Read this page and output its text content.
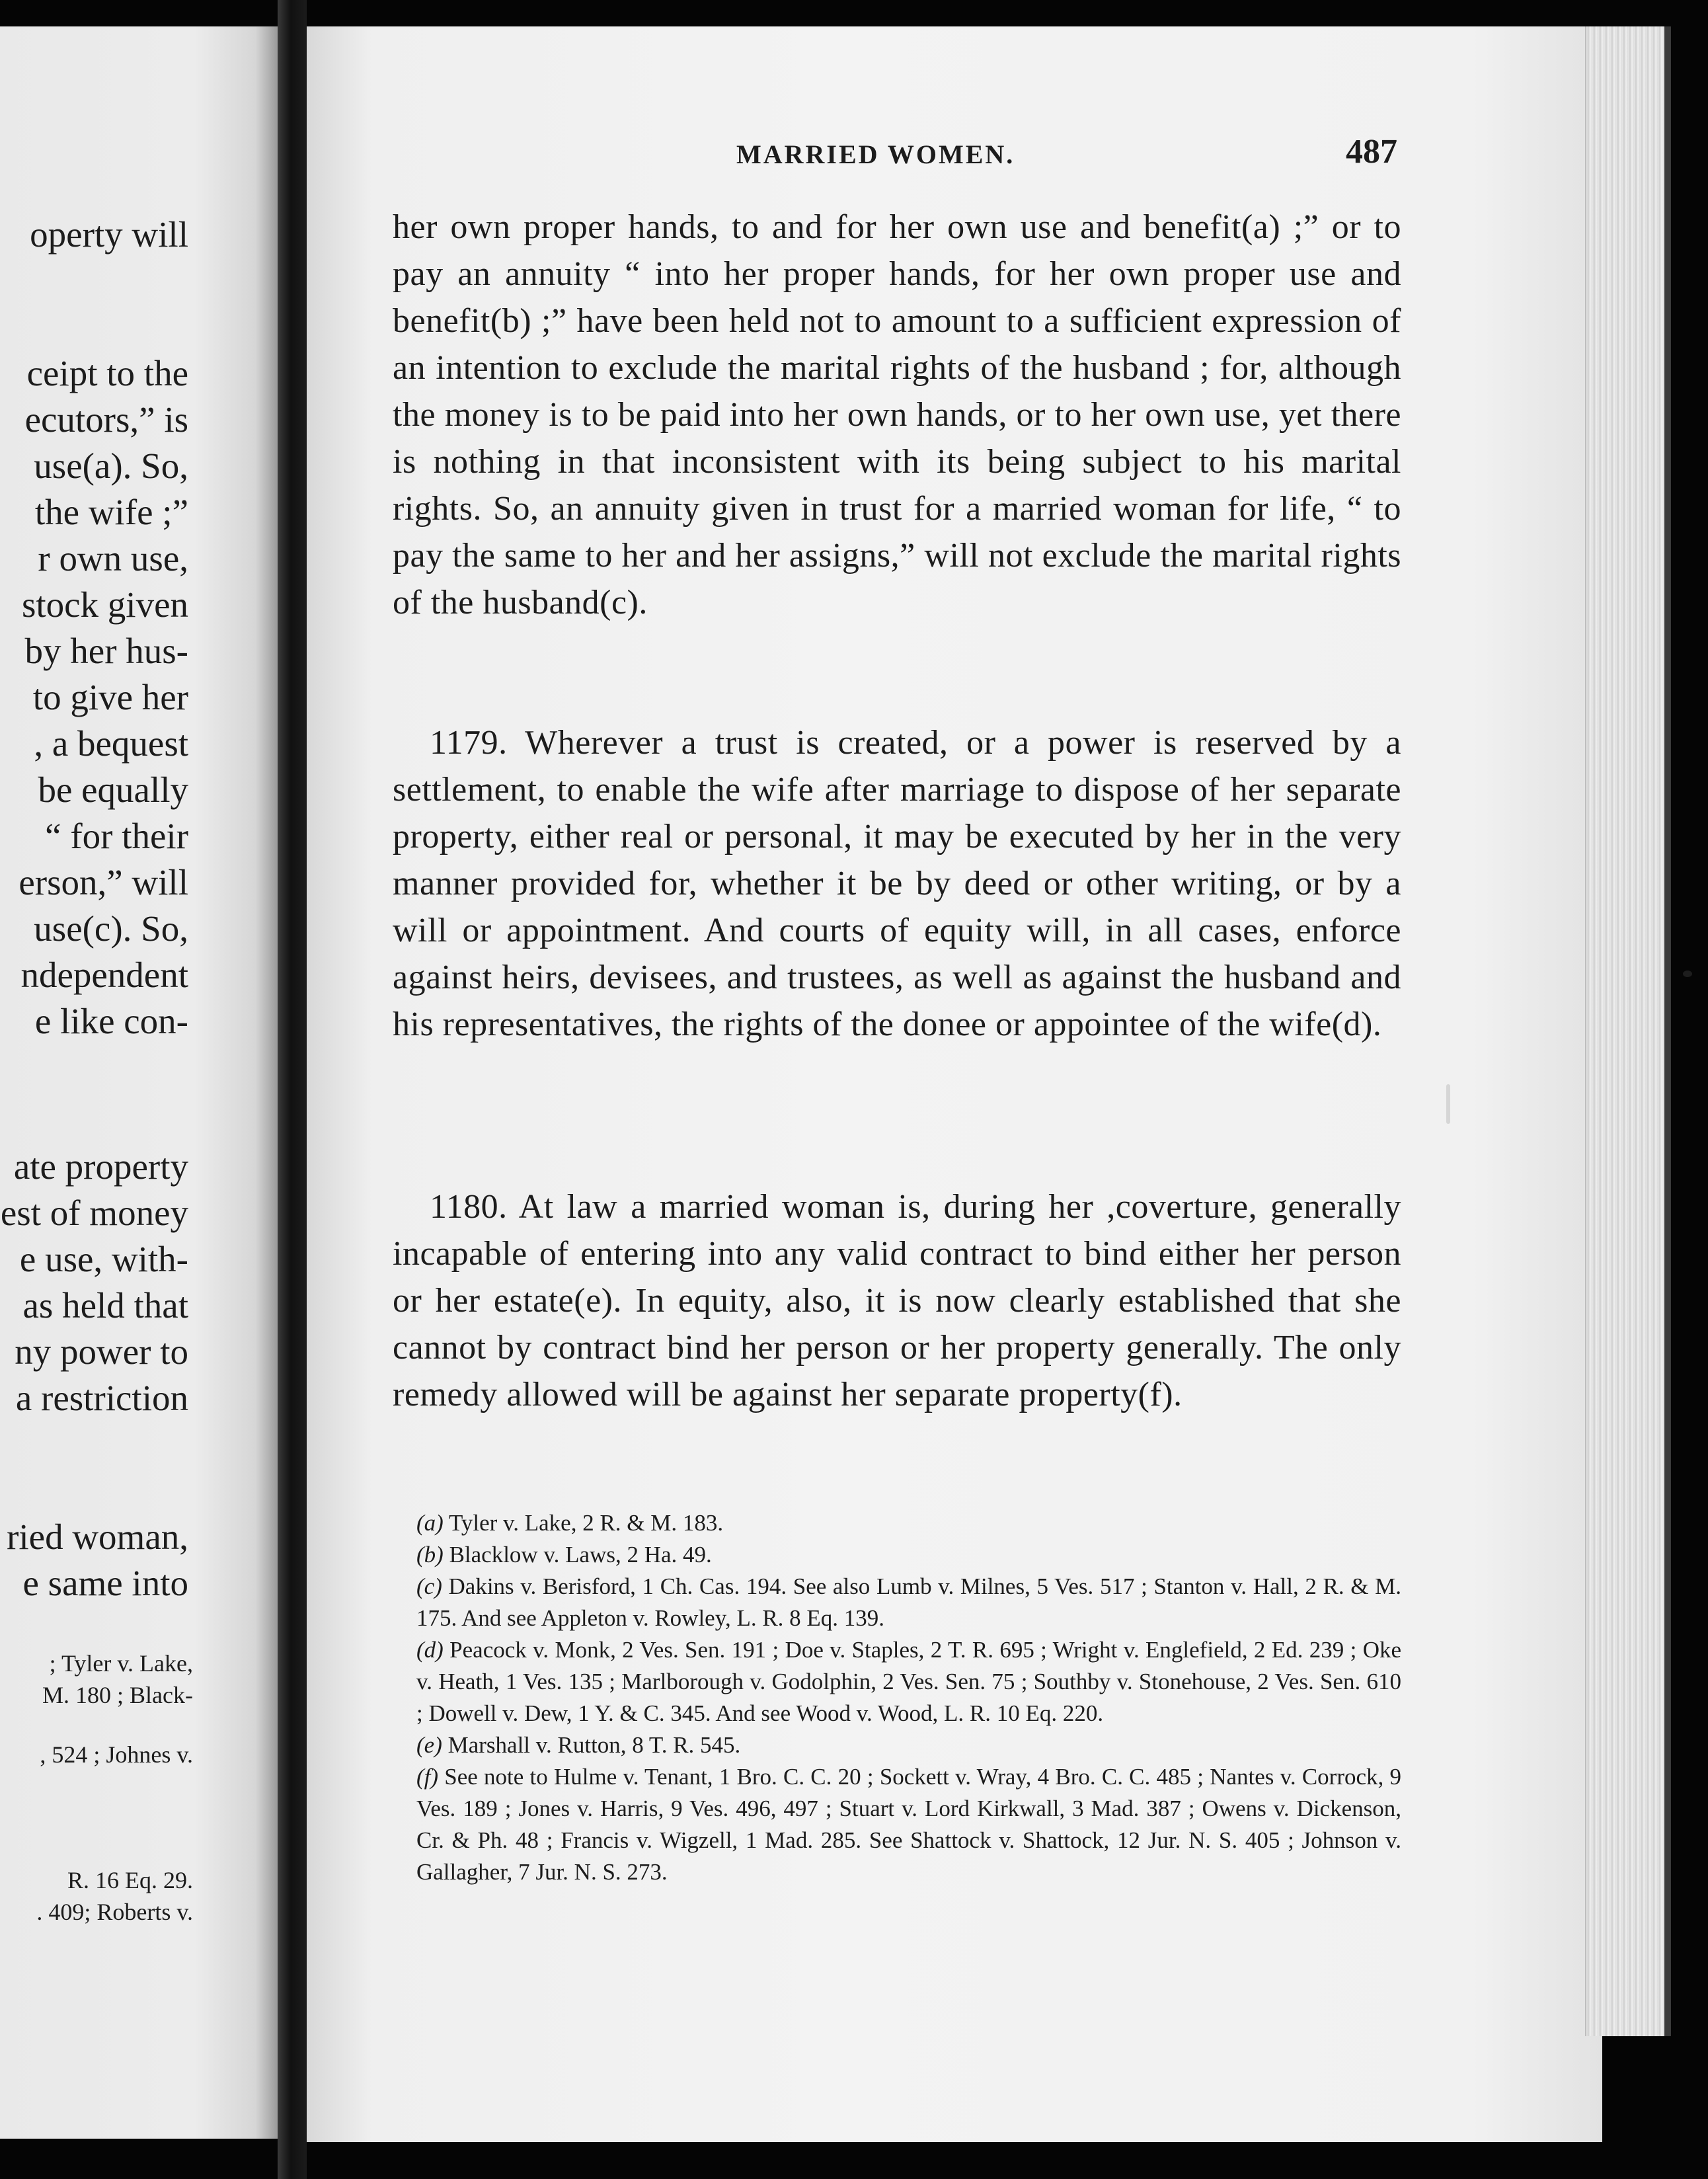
operty will
ceipt to the
ecutors,” is
use(a). So,
the wife ;”
r own use,
stock given
by her hus-
to give her
, a bequest
be equally
“ for their
erson,” will
use(c). So,
ndependent
e like con-
ate property
est of money
e use, with-
as held that
ny power to
a restriction
ried woman,
e same into
; Tyler v. Lake,
M. 180 ; Black-
, 524 ; Johnes v.
R. 16 Eq. 29.
. 409; Roberts v.
MARRIED WOMEN.	487

her own proper hands, to and for her own use and benefit(a) ;” or to pay an annuity “ into her proper hands, for her own proper use and benefit(b) ;” have been held not to amount to a sufficient expression of an intention to exclude the marital rights of the husband ; for, although the money is to be paid into her own hands, or to her own use, yet there is nothing in that inconsistent with its being subject to his marital rights. So, an annuity given in trust for a married woman for life, “ to pay the same to her and her assigns,” will not exclude the marital rights of the husband(c).

1179. Wherever a trust is created, or a power is reserved by a settlement, to enable the wife after marriage to dispose of her separate property, either real or personal, it may be executed by her in the very manner provided for, whether it be by deed or other writing, or by a will or appointment. And courts of equity will, in all cases, enforce against heirs, devisees, and trustees, as well as against the husband and his representatives, the rights of the donee or appointee of the wife(d).

1180. At law a married woman is, during her ,coverture, generally incapable of entering into any valid contract to bind either her person or her estate(e). In equity, also, it is now clearly established that she cannot by contract bind her person or her property generally. The only remedy allowed will be against her separate property(f).

(a) Tyler v. Lake, 2 R. & M. 183.

(b) Blacklow v. Laws, 2 Ha. 49.

(c) Dakins v. Berisford, 1 Ch. Cas. 194. See also Lumb v. Milnes, 5 Ves. 517 ; Stanton v. Hall, 2 R. & M. 175. And see Appleton v. Rowley, L. R. 8 Eq. 139.

(d) Peacock v. Monk, 2 Ves. Sen. 191 ; Doe v. Staples, 2 T. R. 695 ; Wright v. Englefield, 2 Ed. 239 ; Oke v. Heath, 1 Ves. 135 ; Marlborough v. Godolphin, 2 Ves. Sen. 75 ; Southby v. Stonehouse, 2 Ves. Sen. 610 ; Dowell v. Dew, 1 Y. & C. 345. And see Wood v. Wood, L. R. 10 Eq. 220.

(e) Marshall v. Rutton, 8 T. R. 545.

(f) See note to Hulme v. Tenant, 1 Bro. C. C. 20 ; Sockett v. Wray, 4 Bro. C. C. 485 ; Nantes v. Corrock, 9 Ves. 189 ; Jones v. Harris, 9 Ves. 496, 497 ; Stuart v. Lord Kirkwall, 3 Mad. 387 ; Owens v. Dickenson, Cr. & Ph. 48 ; Francis v. Wigzell, 1 Mad. 285. See Shattock v. Shattock, 12 Jur. N. S. 405 ; Johnson v. Gallagher, 7 Jur. N. S. 273.
